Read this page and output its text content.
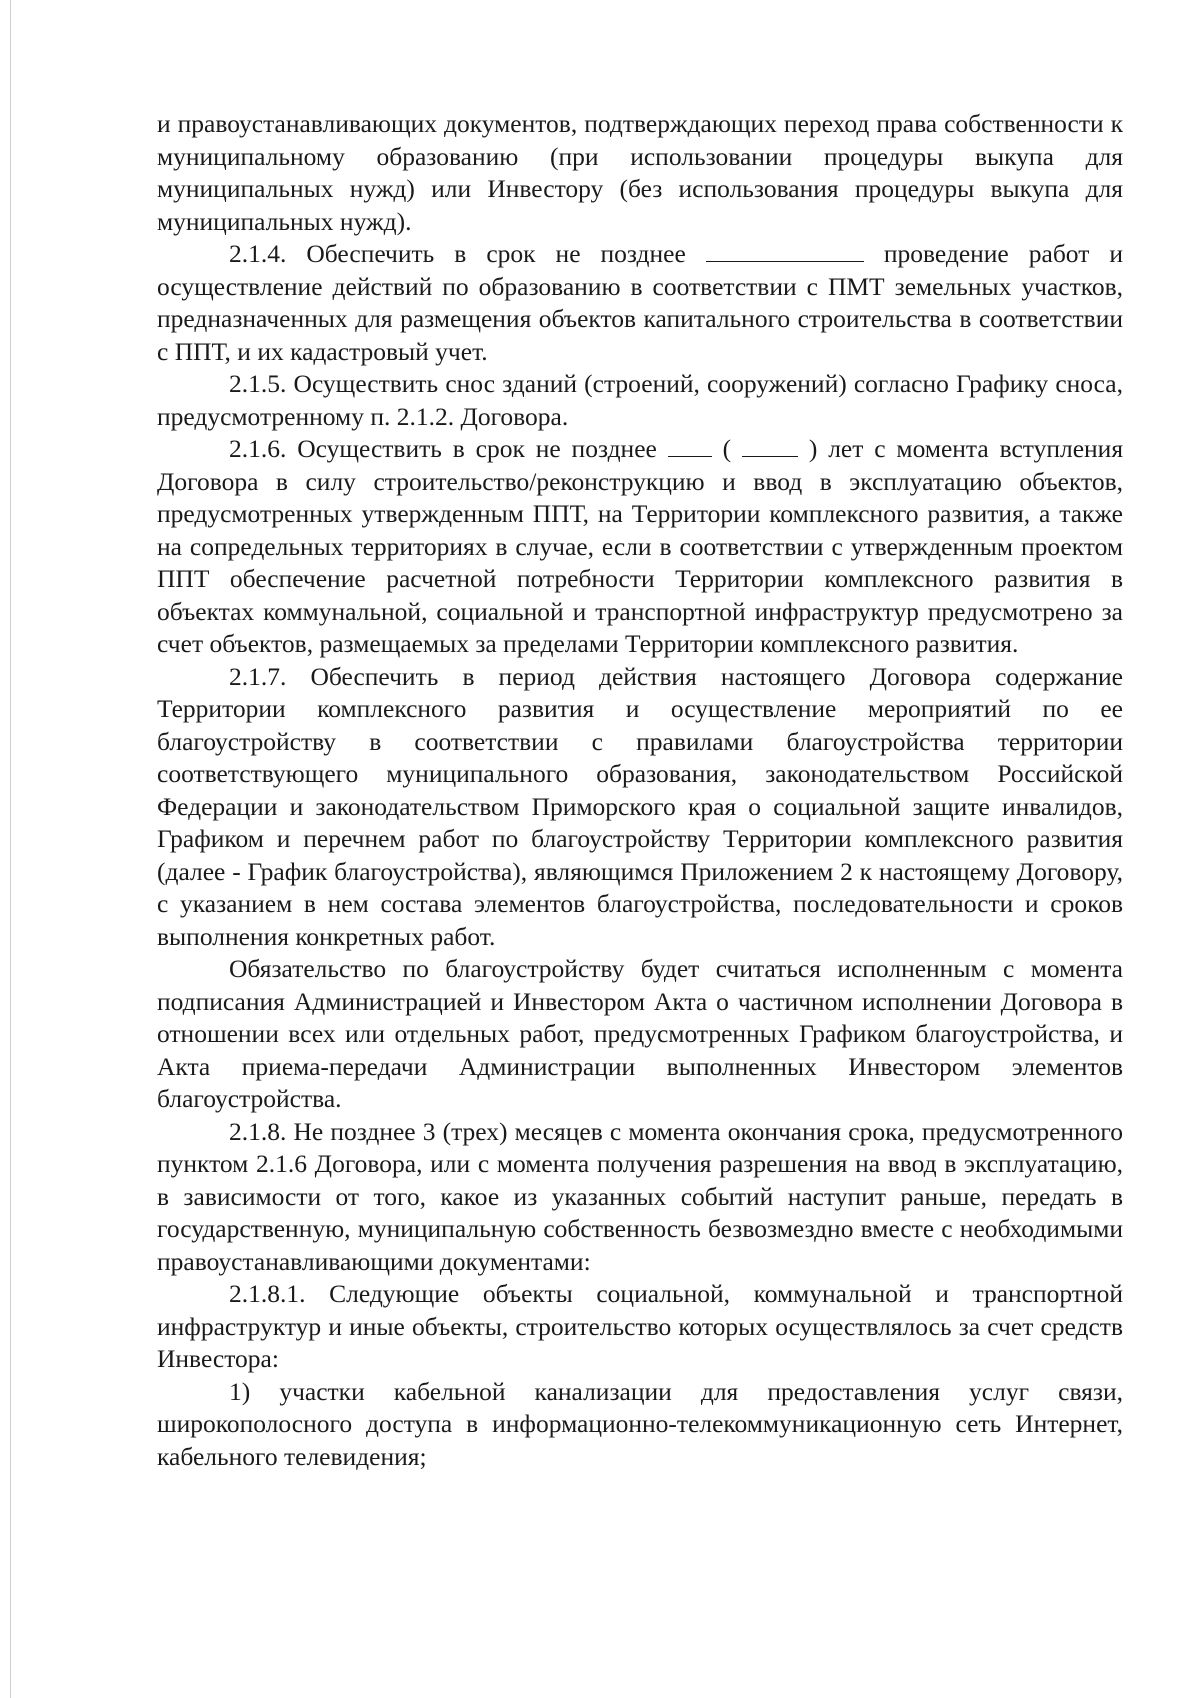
и правоустанавливающих документов, подтверждающих переход права собственности к муниципальному образованию (при использовании процедуры выкупа для муниципальных нужд) или Инвестору (без использования процедуры выкупа для муниципальных нужд).

2.1.4. Обеспечить в срок не позднее	проведение работ и осуществление действий по образованию в соответствии с ПМТ земельных участков, предназначенных для размещения объектов капитального строительства в соответствии с ППТ, и их кадастровый учет.

2.1.5. Осуществить снос зданий (строений, сооружений) согласно Графику сноса, предусмотренному п. 2.1.2. Договора.

2.1.6. Осуществить в срок не позднее	(	) лет с момента вступления Договора в силу строительство/реконструкцию и ввод в эксплуатацию объектов, предусмотренных утвержденным ППТ, на Территории комплексного развития, а также на сопредельных территориях в случае, если в соответствии с утвержденным проектом ППТ обеспечение расчетной потребности Территории комплексного развития в объектах коммунальной, социальной и транспортной инфраструктур предусмотрено за счет объектов, размещаемых за пределами Территории комплексного развития.

2.1.7. Обеспечить в период действия настоящего Договора содержание Территории комплексного развития и осуществление мероприятий по ее благоустройству в соответствии с правилами благоустройства территории соответствующего муниципального образования, законодательством Российской Федерации и законодательством Приморского края о социальной защите инвалидов, Графиком и перечнем работ по благоустройству Территории комплексного развития (далее - График благоустройства), являющимся Приложением 2 к настоящему Договору, с указанием в нем состава элементов благоустройства, последовательности и сроков выполнения конкретных работ.

Обязательство по благоустройству будет считаться исполненным с момента подписания Администрацией и Инвестором Акта о частичном исполнении Договора в отношении всех или отдельных работ, предусмотренных Графиком благоустройства, и Акта приема-передачи Администрации выполненных Инвестором элементов благоустройства.

2.1.8. Не позднее 3 (трех) месяцев с момента окончания срока, предусмотренного пунктом 2.1.6 Договора, или с момента получения разрешения на ввод в эксплуатацию, в зависимости от того, какое из указанных событий наступит раньше, передать в государственную, муниципальную собственность безвозмездно вместе с необходимыми правоустанавливающими документами:

2.1.8.1. Следующие объекты социальной, коммунальной и транспортной инфраструктур и иные объекты, строительство которых осуществлялось за счет средств Инвестора:

1) участки кабельной канализации для предоставления услуг связи, широкополосного доступа в информационно-телекоммуникационную сеть Интернет, кабельного телевидения;
